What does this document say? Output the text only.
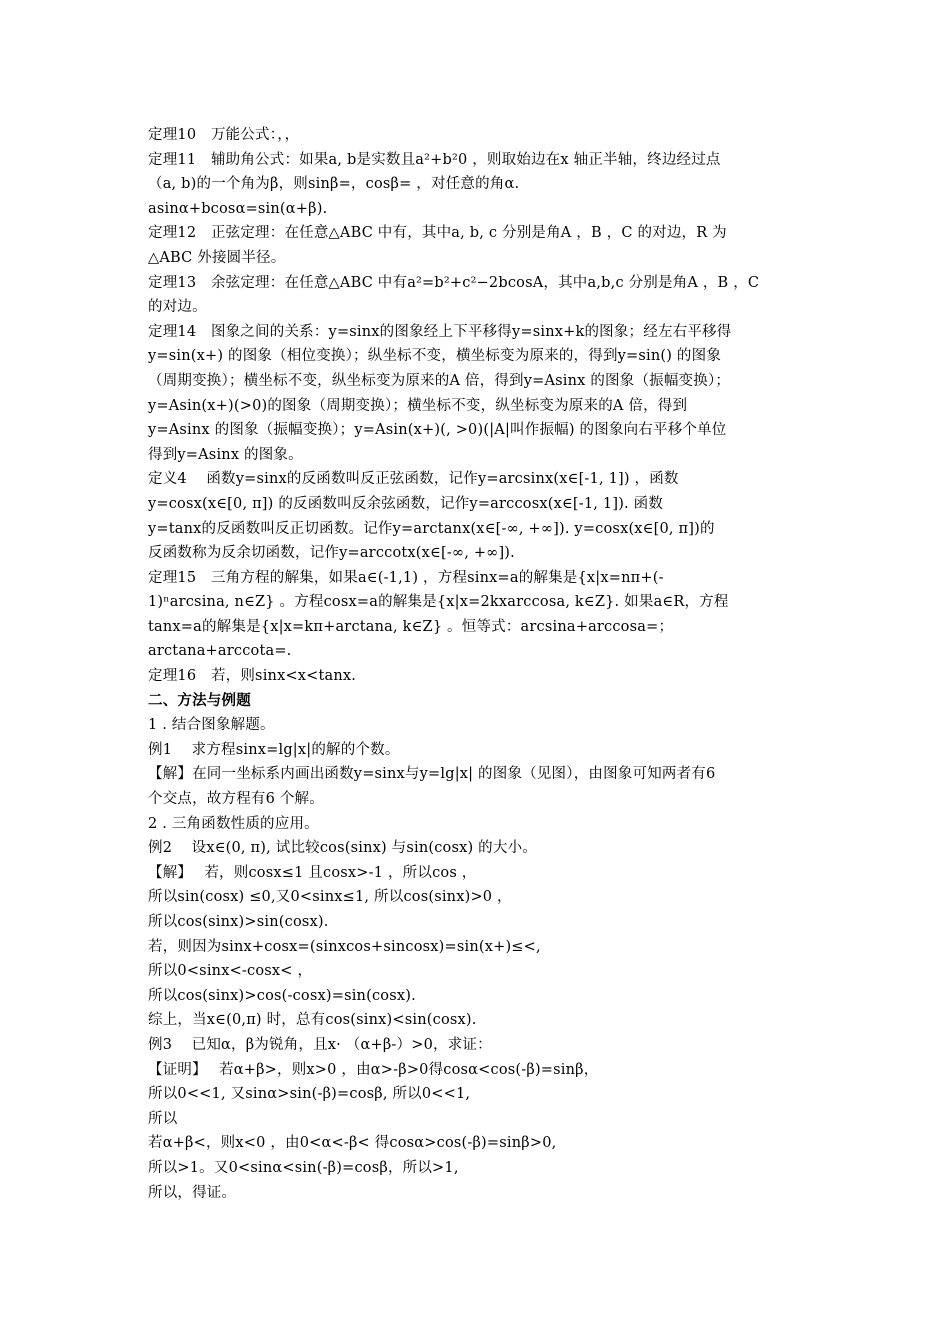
定理10　万能公式：，，
定理11　辅助角公式：如果a, b是实数且a²+b²0 ，则取始边在x 轴正半轴，终边经过点
（a, b)的一个角为β，则sinβ=，cosβ= ，对任意的角α.
asinα+bcosα=sin(α+β).
定理12　正弦定理：在任意△ABC 中有，其中a, b, c 分别是角A ，B ，C 的对边，R 为
△ABC 外接圆半径。
定理13　余弦定理：在任意△ABC 中有a²=b²+c²−2bcosA，其中a,b,c 分别是角A ，B ，C
的对边。
定理14　图象之间的关系：y=sinx的图象经上下平移得y=sinx+k的图象；经左右平移得
y=sin(x+) 的图象（相位变换）；纵坐标不变，横坐标变为原来的，得到y=sin() 的图象
（周期变换）；横坐标不变，纵坐标变为原来的A 倍，得到y=Asinx 的图象（振幅变换）；
y=Asin(x+)(>0)的图象（周期变换）；横坐标不变，纵坐标变为原来的A 倍，得到
y=Asinx 的图象（振幅变换）；y=Asin(x+)(, >0)(|A|叫作振幅) 的图象向右平移个单位
得到y=Asinx 的图象。
定义4　 函数y=sinx的反函数叫反正弦函数，记作y=arcsinx(x∈[-1, 1]) ，函数
y=cosx(x∈[0, π]) 的反函数叫反余弦函数，记作y=arccosx(x∈[-1, 1]). 函数
y=tanx的反函数叫反正切函数。记作y=arctanx(x∈[-∞, +∞]). y=cosx(x∈[0, π])的
反函数称为反余切函数，记作y=arccotx(x∈[-∞, +∞]).
定理15　三角方程的解集，如果a∈(-1,1) ，方程sinx=a的解集是{x|x=nπ+(-
1)ⁿarcsina, n∈Z} 。方程cosx=a的解集是{x|x=2kxarccosa, k∈Z}. 如果a∈R，方程
tanx=a的解集是{x|x=kπ+arctana, k∈Z} 。恒等式：arcsina+arccosa=；
arctana+arccota=.
定理16　若，则sinx<x<tanx.
二、方法与例题
1 . 结合图象解题。
例1　 求方程sinx=lg|x|的解的个数。
【解】在同一坐标系内画出函数y=sinx与y=lg|x| 的图象（见图），由图象可知两者有6
个交点，故方程有6 个解。
2 . 三角函数性质的应用。
例2　 设x∈(0, π), 试比较cos(sinx) 与sin(cosx) 的大小。
【解】　 若，则cosx≤1 且cosx>-1 ，所以cos ，
所以sin(cosx) ≤0,又0<sinx≤1, 所以cos(sinx)>0 ，
所以cos(sinx)>sin(cosx).
若，则因为sinx+cosx=(sinxcos+sincosx)=sin(x+)≤<,
所以0<sinx<-cosx< ，
所以cos(sinx)>cos(-cosx)=sin(cosx).
综上，当x∈(0,π) 时，总有cos(sinx)<sin(cosx).
例3　 已知α，β为锐角，且x· （α+β-）>0，求证：
【证明】　 若α+β>，则x>0 ，由α>-β>0得cosα<cos(-β)=sinβ，
所以0<<1, 又sinα>sin(-β)=cosβ, 所以0<<1,
所以
若α+β<，则x<0 ，由0<α<-β< 得cosα>cos(-β)=sinβ>0,
所以>1。又0<sinα<sin(-β)=cosβ，所以>1,
所以，得证。
